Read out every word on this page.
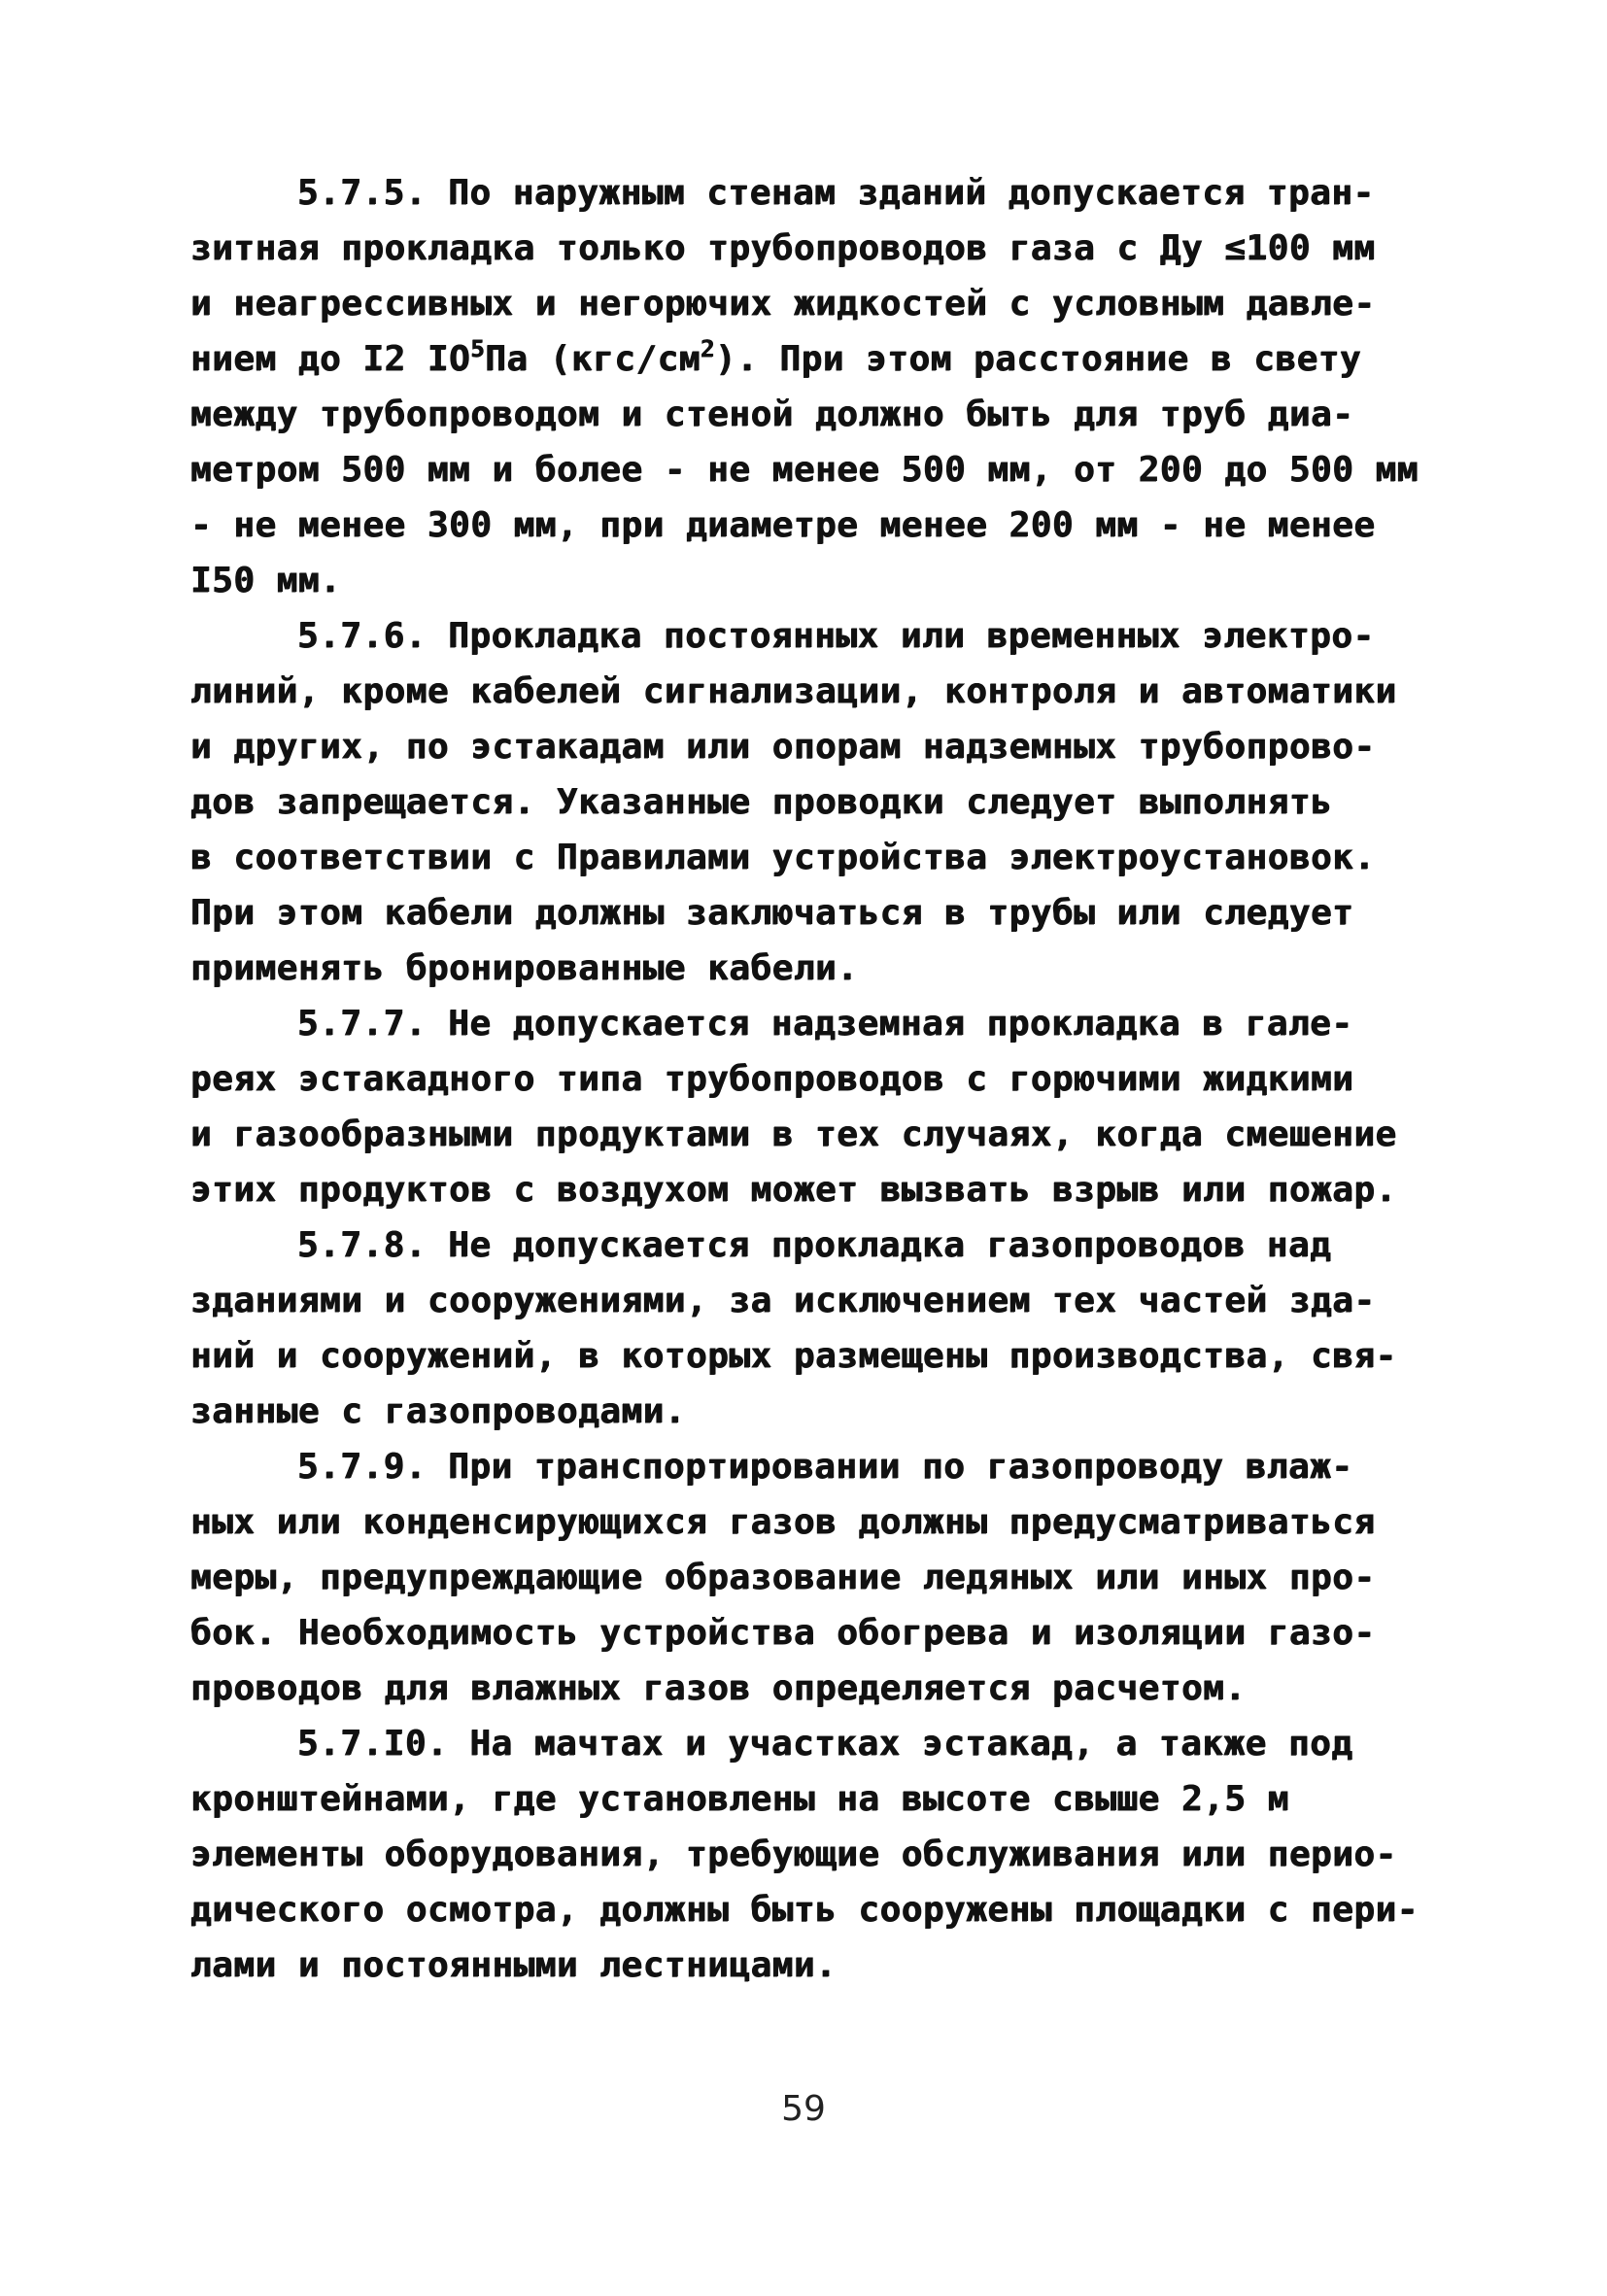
5.7.5. По наружным стенам зданий допускается тран-
зитная прокладка только трубопроводов газа с Ду ≤100 мм
и неагрессивных и негорючих жидкостей с условным давле-
нием до I2 $IO^5Па$ $(кгс/см^2)$. При этом расстояние в свету
между трубопроводом и стеной должно быть для труб диа-
метром 500 мм и более - не менее 500 мм, от 200 до 500 мм
- не менее 300 мм, при диаметре менее 200 мм - не менее
I50 мм.
5.7.6. Прокладка постоянных или временных электро-
линий, кроме кабелей сигнализации, контроля и автоматики
и других, по эстакадам или опорам надземных трубопрово-
дов запрещается. Указанные проводки следует выполнять
в соответствии с Правилами устройства электроустановок.
При этом кабели должны заключаться в трубы или следует
применять бронированные кабели.
5.7.7. Не допускается надземная прокладка в гале-
реях эстакадного типа трубопроводов с горючими жидкими
и газообразными продуктами в тех случаях, когда смешение
этих продуктов с воздухом может вызвать взрыв или пожар.
5.7.8. Не допускается прокладка газопроводов над
зданиями и сооружениями, за исключением тех частей зда-
ний и сооружений, в которых размещены производства, свя-
занные с газопроводами.
5.7.9. При транспортировании по газопроводу влаж-
ных или конденсирующихся газов должны предусматриваться
меры, предупреждающие образование ледяных или иных про-
бок. Необходимость устройства обогрева и изоляции газо-
проводов для влажных газов определяется расчетом.
5.7.I0. На мачтах и участках эстакад, а также под
кронштейнами, где установлены на высоте свыше 2,5 м
элементы оборудования, требующие обслуживания или перио-
дического осмотра, должны быть сооружены площадки с пери-
лами и постоянными лестницами.
59
